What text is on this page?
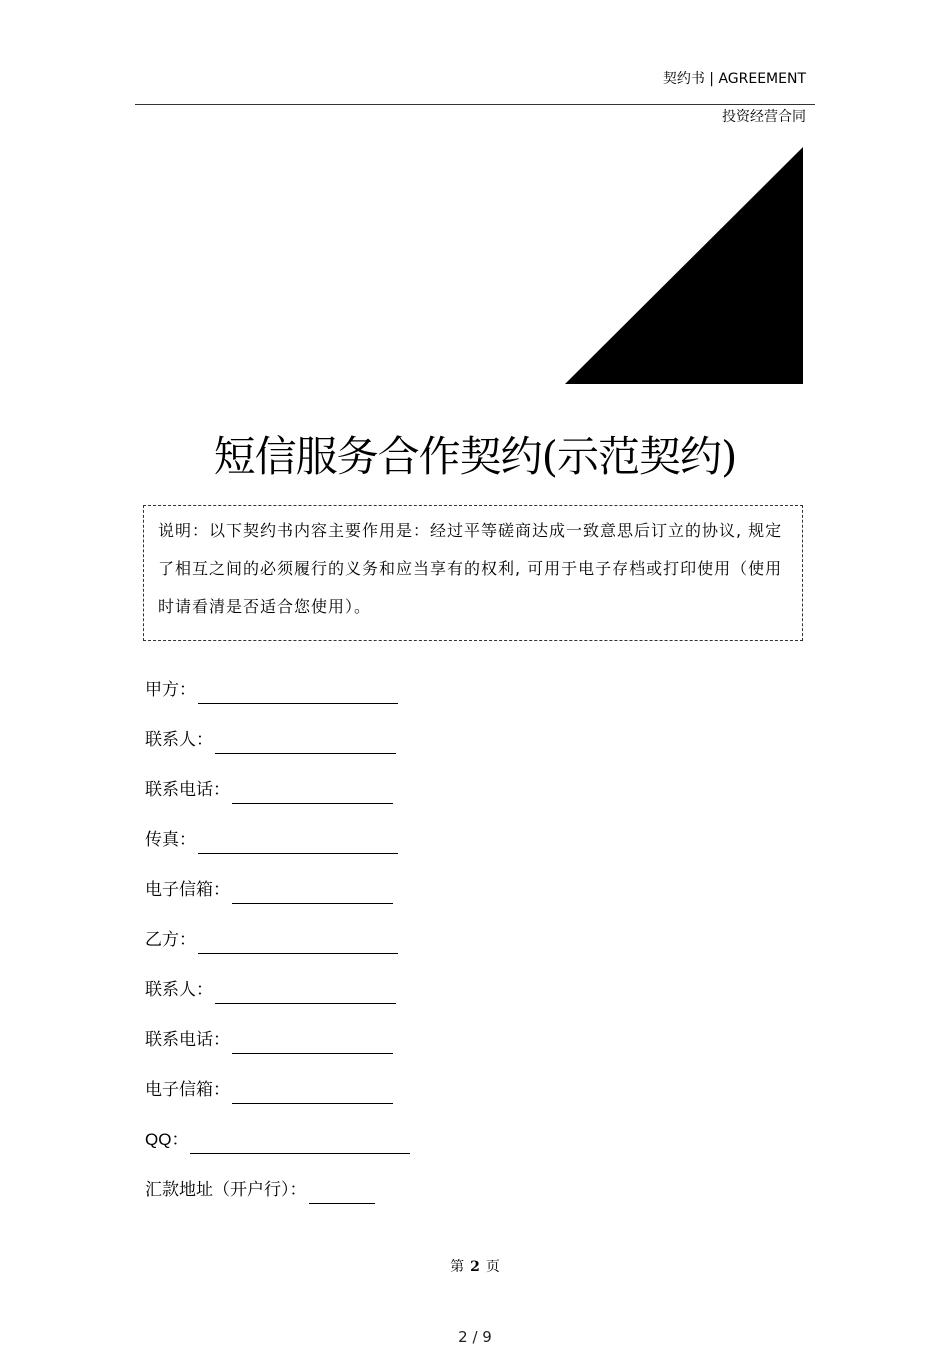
契约书 | AGREEMENT
投资经营合同
短信服务合作契约(示范契约)
说明：以下契约书内容主要作用是：经过平等磋商达成一致意思后订立的协议, 规定了相互之间的必须履行的义务和应当享有的权利, 可用于电子存档或打印使用（使用时请看清是否适合您使用）。
甲方：
联系人：
联系电话：
传真：
电子信箱：
乙方：
联系人：
联系电话：
电子信箱：
QQ：
汇款地址（开户行）：
第 2 页
2 / 9
